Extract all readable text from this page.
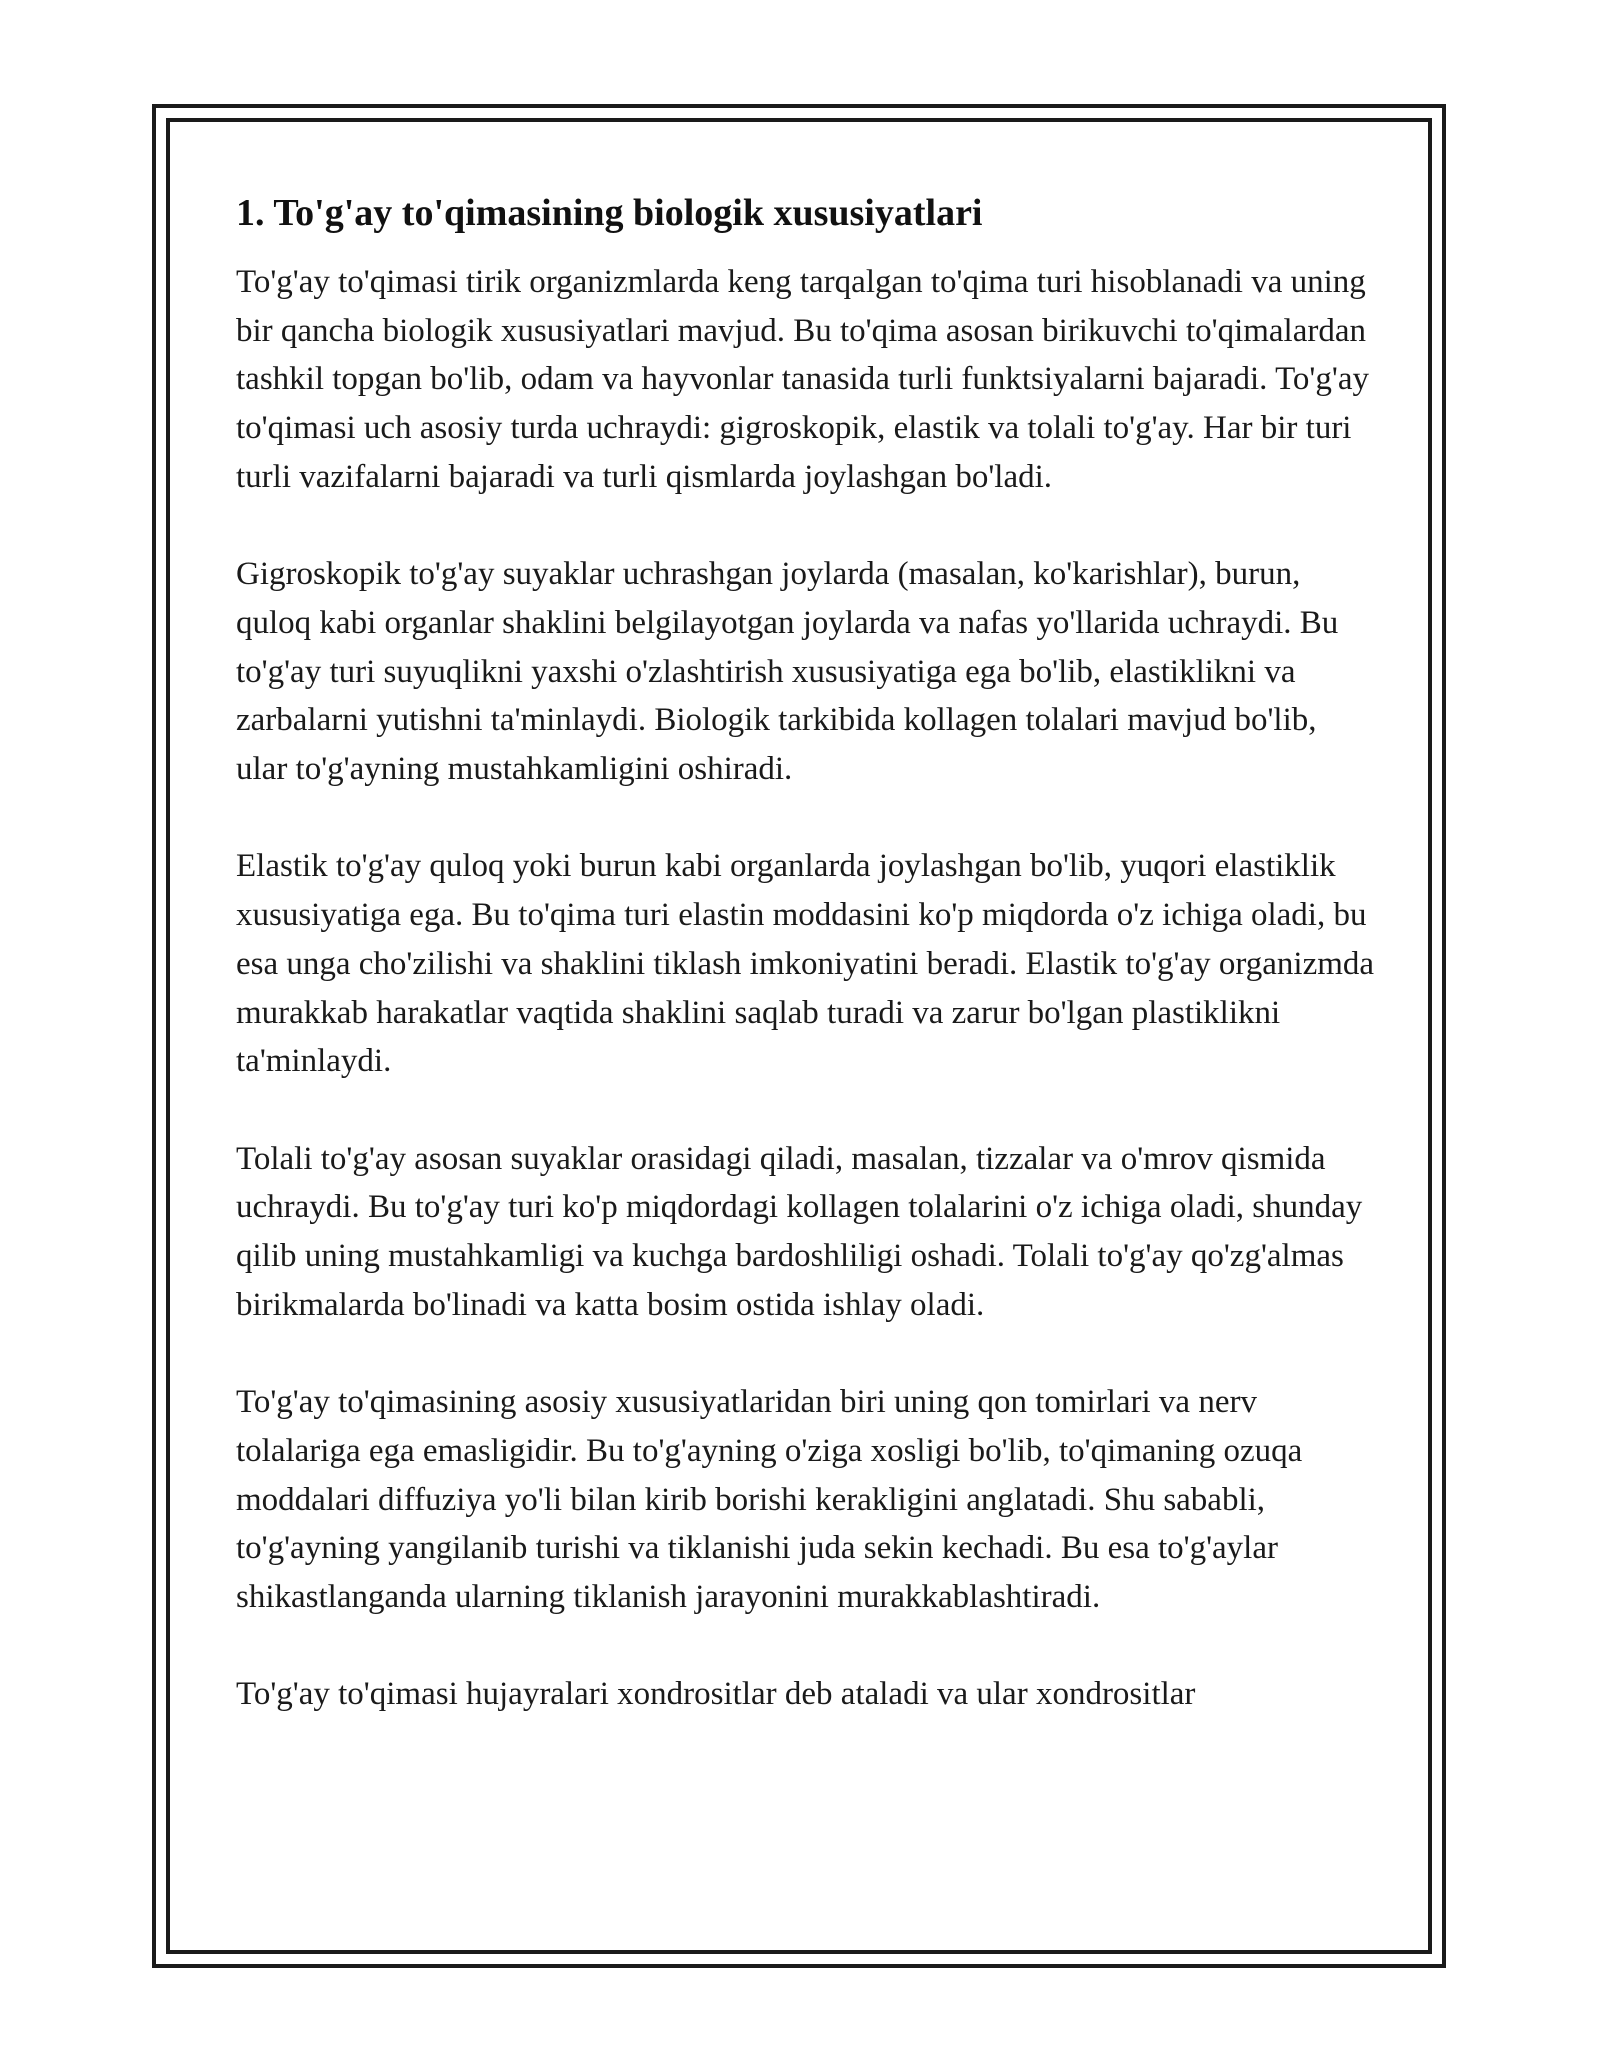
1. To'g'ay to'qimasining biologik xususiyatlari

To'g'ay to'qimasi tirik organizmlarda keng tarqalgan to'qima turi hisoblanadi va uning bir qancha biologik xususiyatlari mavjud. Bu to'qima asosan birikuvchi to'qimalardan tashkil topgan bo'lib, odam va hayvonlar tanasida turli funktsiyalarni bajaradi. To'g'ay to'qimasi uch asosiy turda uchraydi: gigroskopik, elastik va tolali to'g'ay. Har bir turi turli vazifalarni bajaradi va turli qismlarda joylashgan bo'ladi.

Gigroskopik to'g'ay suyaklar uchrashgan joylarda (masalan, ko'karishlar), burun, quloq kabi organlar shaklini belgilayotgan joylarda va nafas yo'llarida uchraydi. Bu to'g'ay turi suyuqlikni yaxshi o'zlashtirish xususiyatiga ega bo'lib, elastiklikni va zarbalarni yutishni ta'minlaydi. Biologik tarkibida kollagen tolalari mavjud bo'lib, ular to'g'ayning mustahkamligini oshiradi.

Elastik to'g'ay quloq yoki burun kabi organlarda joylashgan bo'lib, yuqori elastiklik xususiyatiga ega. Bu to'qima turi elastin moddasini ko'p miqdorda o'z ichiga oladi, bu esa unga cho'zilishi va shaklini tiklash imkoniyatini beradi. Elastik to'g'ay organizmda murakkab harakatlar vaqtida shaklini saqlab turadi va zarur bo'lgan plastiklikni ta'minlaydi.

Tolali to'g'ay asosan suyaklar orasidagi qiladi, masalan, tizzalar va o'mrov qismida uchraydi. Bu to'g'ay turi ko'p miqdordagi kollagen tolalarini o'z ichiga oladi, shunday qilib uning mustahkamligi va kuchga bardoshliligi oshadi. Tolali to'g'ay qo'zg'almas birikmalarda bo'linadi va katta bosim ostida ishlay oladi.

To'g'ay to'qimasining asosiy xususiyatlaridan biri uning qon tomirlari va nerv tolalariga ega emasligidir. Bu to'g'ayning o'ziga xosligi bo'lib, to'qimaning ozuqa moddalari diffuziya yo'li bilan kirib borishi kerakligini anglatadi. Shu sababli, to'g'ayning yangilanib turishi va tiklanishi juda sekin kechadi. Bu esa to'g'aylar shikastlanganda ularning tiklanish jarayonini murakkablashtiradi.

To'g'ay to'qimasi hujayralari xondrositlar deb ataladi va ular xondrositlar
